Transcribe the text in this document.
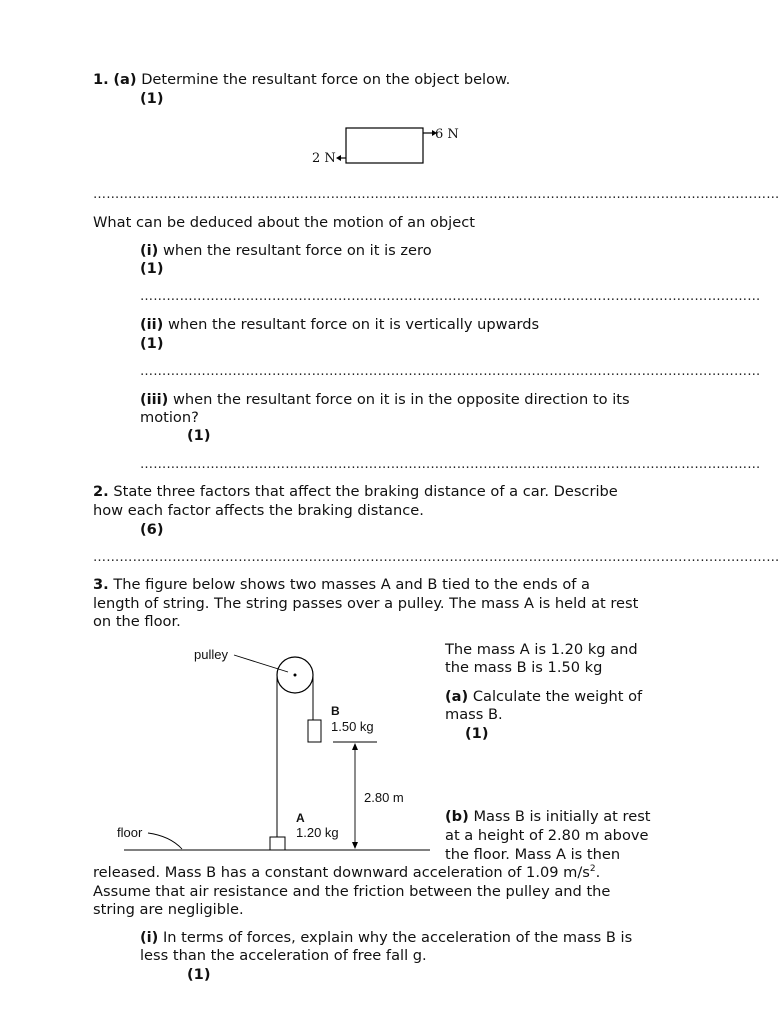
1. (a) Determine the resultant force on the object below.
(1)
6 N
2 N
…………………………………………………………………………………………………………………………………………
What can be deduced about the motion of an object
(i) when the resultant force on it is zero
(1)
……………………………………………………………………………………………………………………………
(ii) when the resultant force on it is vertically upwards
(1)
……………………………………………………………………………………………………………………………
(iii) when the resultant force on it is in the opposite direction to its
motion?
(1)
……………………………………………………………………………………………………………………………
2. State three factors that affect the braking distance of a car. Describe
how each factor affects the braking distance.
(6)
…………………………………………………………………………………………………………………………………………
3. The figure below shows two masses A and B tied to the ends of a
length of string. The string passes over a pulley. The mass A is held at rest
on the floor.
pulley
B
1.50 kg
2.80 m
A
1.20 kg
floor
The mass A is 1.20 kg and
the mass B is 1.50 kg
(a) Calculate the weight of
mass B.
(1)
(b) Mass B is initially at rest
at a height of 2.80 m above
the floor. Mass A is then
released. Mass B has a constant downward acceleration of 1.09 $m/s^2$.
Assume that air resistance and the friction between the pulley and the
string are negligible.
(i) In terms of forces, explain why the acceleration of the mass B is
less than the acceleration of free fall g.
(1)
